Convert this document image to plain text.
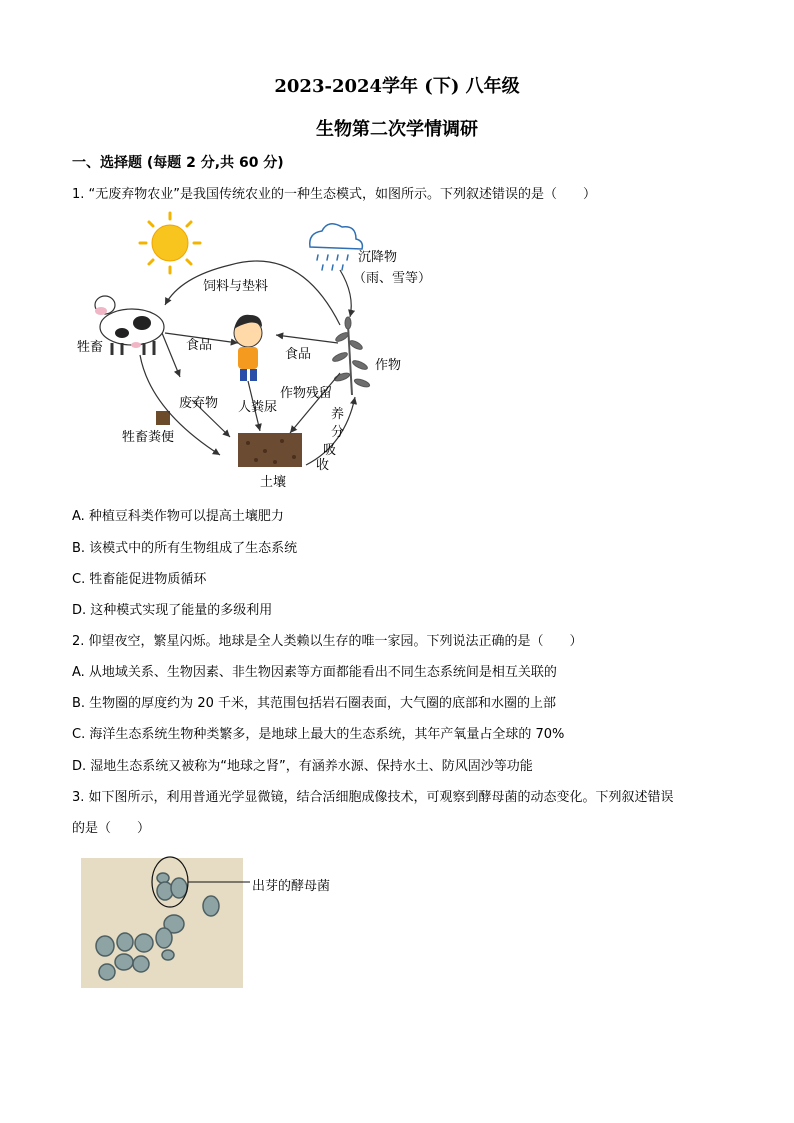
2023-2024学年 (下) 八年级
生物第二次学情调研
一、选择题 (每题 2 分,共 60 分)
1. “无废弃物农业”是我国传统农业的一种生态模式，如图所示。下列叙述错误的是（　　）
沉降物
（雨、雪等）
饲料与垫料
牲畜	食品
食品
作物
废弃物 人粪尿
作物残留
牲畜粪便
土壤
养
分
吸
收
A. 种植豆科类作物可以提高土壤肥力
B. 该模式中的所有生物组成了生态系统
C. 牲畜能促进物质循环
D. 这种模式实现了能量的多级利用
2. 仰望夜空，繁星闪烁。地球是全人类赖以生存的唯一家园。下列说法正确的是（　　）
A. 从地域关系、生物因素、非生物因素等方面都能看出不同生态系统间是相互关联的
B. 生物圈的厚度约为 20 千米，其范围包括岩石圈表面，大气圈的底部和水圈的上部
C. 海洋生态系统生物种类繁多，是地球上最大的生态系统，其年产氧量占全球的 70%
D. 湿地生态系统又被称为“地球之肾”，有涵养水源、保持水土、防风固沙等功能
3. 如下图所示，利用普通光学显微镜，结合活细胞成像技术，可观察到酵母菌的动态变化。下列叙述错误
的是（　　）
出芽的酵母菌
